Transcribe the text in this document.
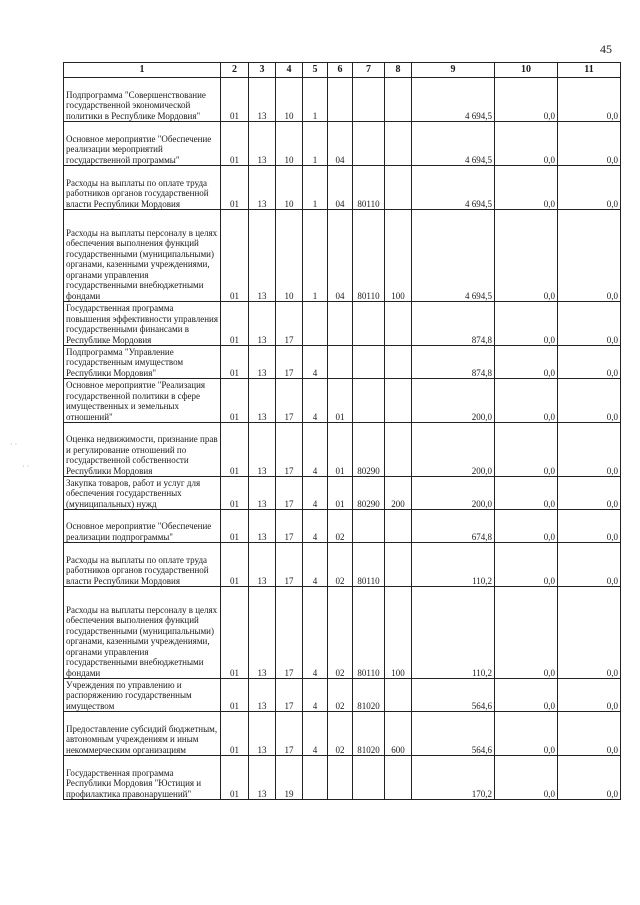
45
1	2	3	4	5	6	7	8	9	10	11
Подпрограмма "Совершенствование государственной экономической политики в Республике Мордовия"	01	13	10	1				4 694,5	0,0	0,0
Основное мероприятие "Обеспечение реализации мероприятий государственной программы"	01	13	10	1	04			4 694,5	0,0	0,0
Расходы на выплаты по оплате труда работников органов государственной власти Республики Мордовия	01	13	10	1	04	80110		4 694,5	0,0	0,0
Расходы на выплаты персоналу в целях обеспечения выполнения функций государственными (муниципальными) органами, казенными учреждениями, органами управления государственными внебюджетными фондами	01	13	10	1	04	80110	100	4 694,5	0,0	0,0
Государственная программа повышения эффективности управления государственными финансами в Республике Мордовия	01	13	17					874,8	0,0	0,0
Подпрограмма "Управление государственным имуществом Республики Мордовия"	01	13	17	4				874,8	0,0	0,0
Основное мероприятие "Реализация государственной политики в сфере имущественных и земельных отношений"	01	13	17	4	01			200,0	0,0	0,0
Оценка недвижимости, признание прав и регулирование отношений по государственной собственности Республики Мордовия	01	13	17	4	01	80290		200,0	0,0	0,0
Закупка товаров, работ и услуг для обеспечения государственных (муниципальных) нужд	01	13	17	4	01	80290	200	200,0	0,0	0,0
Основное мероприятие "Обеспечение реализации подпрограммы"	01	13	17	4	02			674,8	0,0	0,0
Расходы на выплаты по оплате труда работников органов государственной власти Республики Мордовия	01	13	17	4	02	80110		110,2	0,0	0,0
Расходы на выплаты персоналу в целях обеспечения выполнения функций государственными (муниципальными) органами, казенными учреждениями, органами управления государственными внебюджетными фондами	01	13	17	4	02	80110	100	110,2	0,0	0,0
Учреждения по управлению и распоряжению государственным имуществом	01	13	17	4	02	81020		564,6	0,0	0,0
Предоставление субсидий бюджетным, автономным учреждениям и иным некоммерческим организациям	01	13	17	4	02	81020	600	564,6	0,0	0,0
Государственная программа Республики Мордовия "Юстиция и профилактика правонарушений"	01	13	19					170,2	0,0	0,0
· ·
· ·
